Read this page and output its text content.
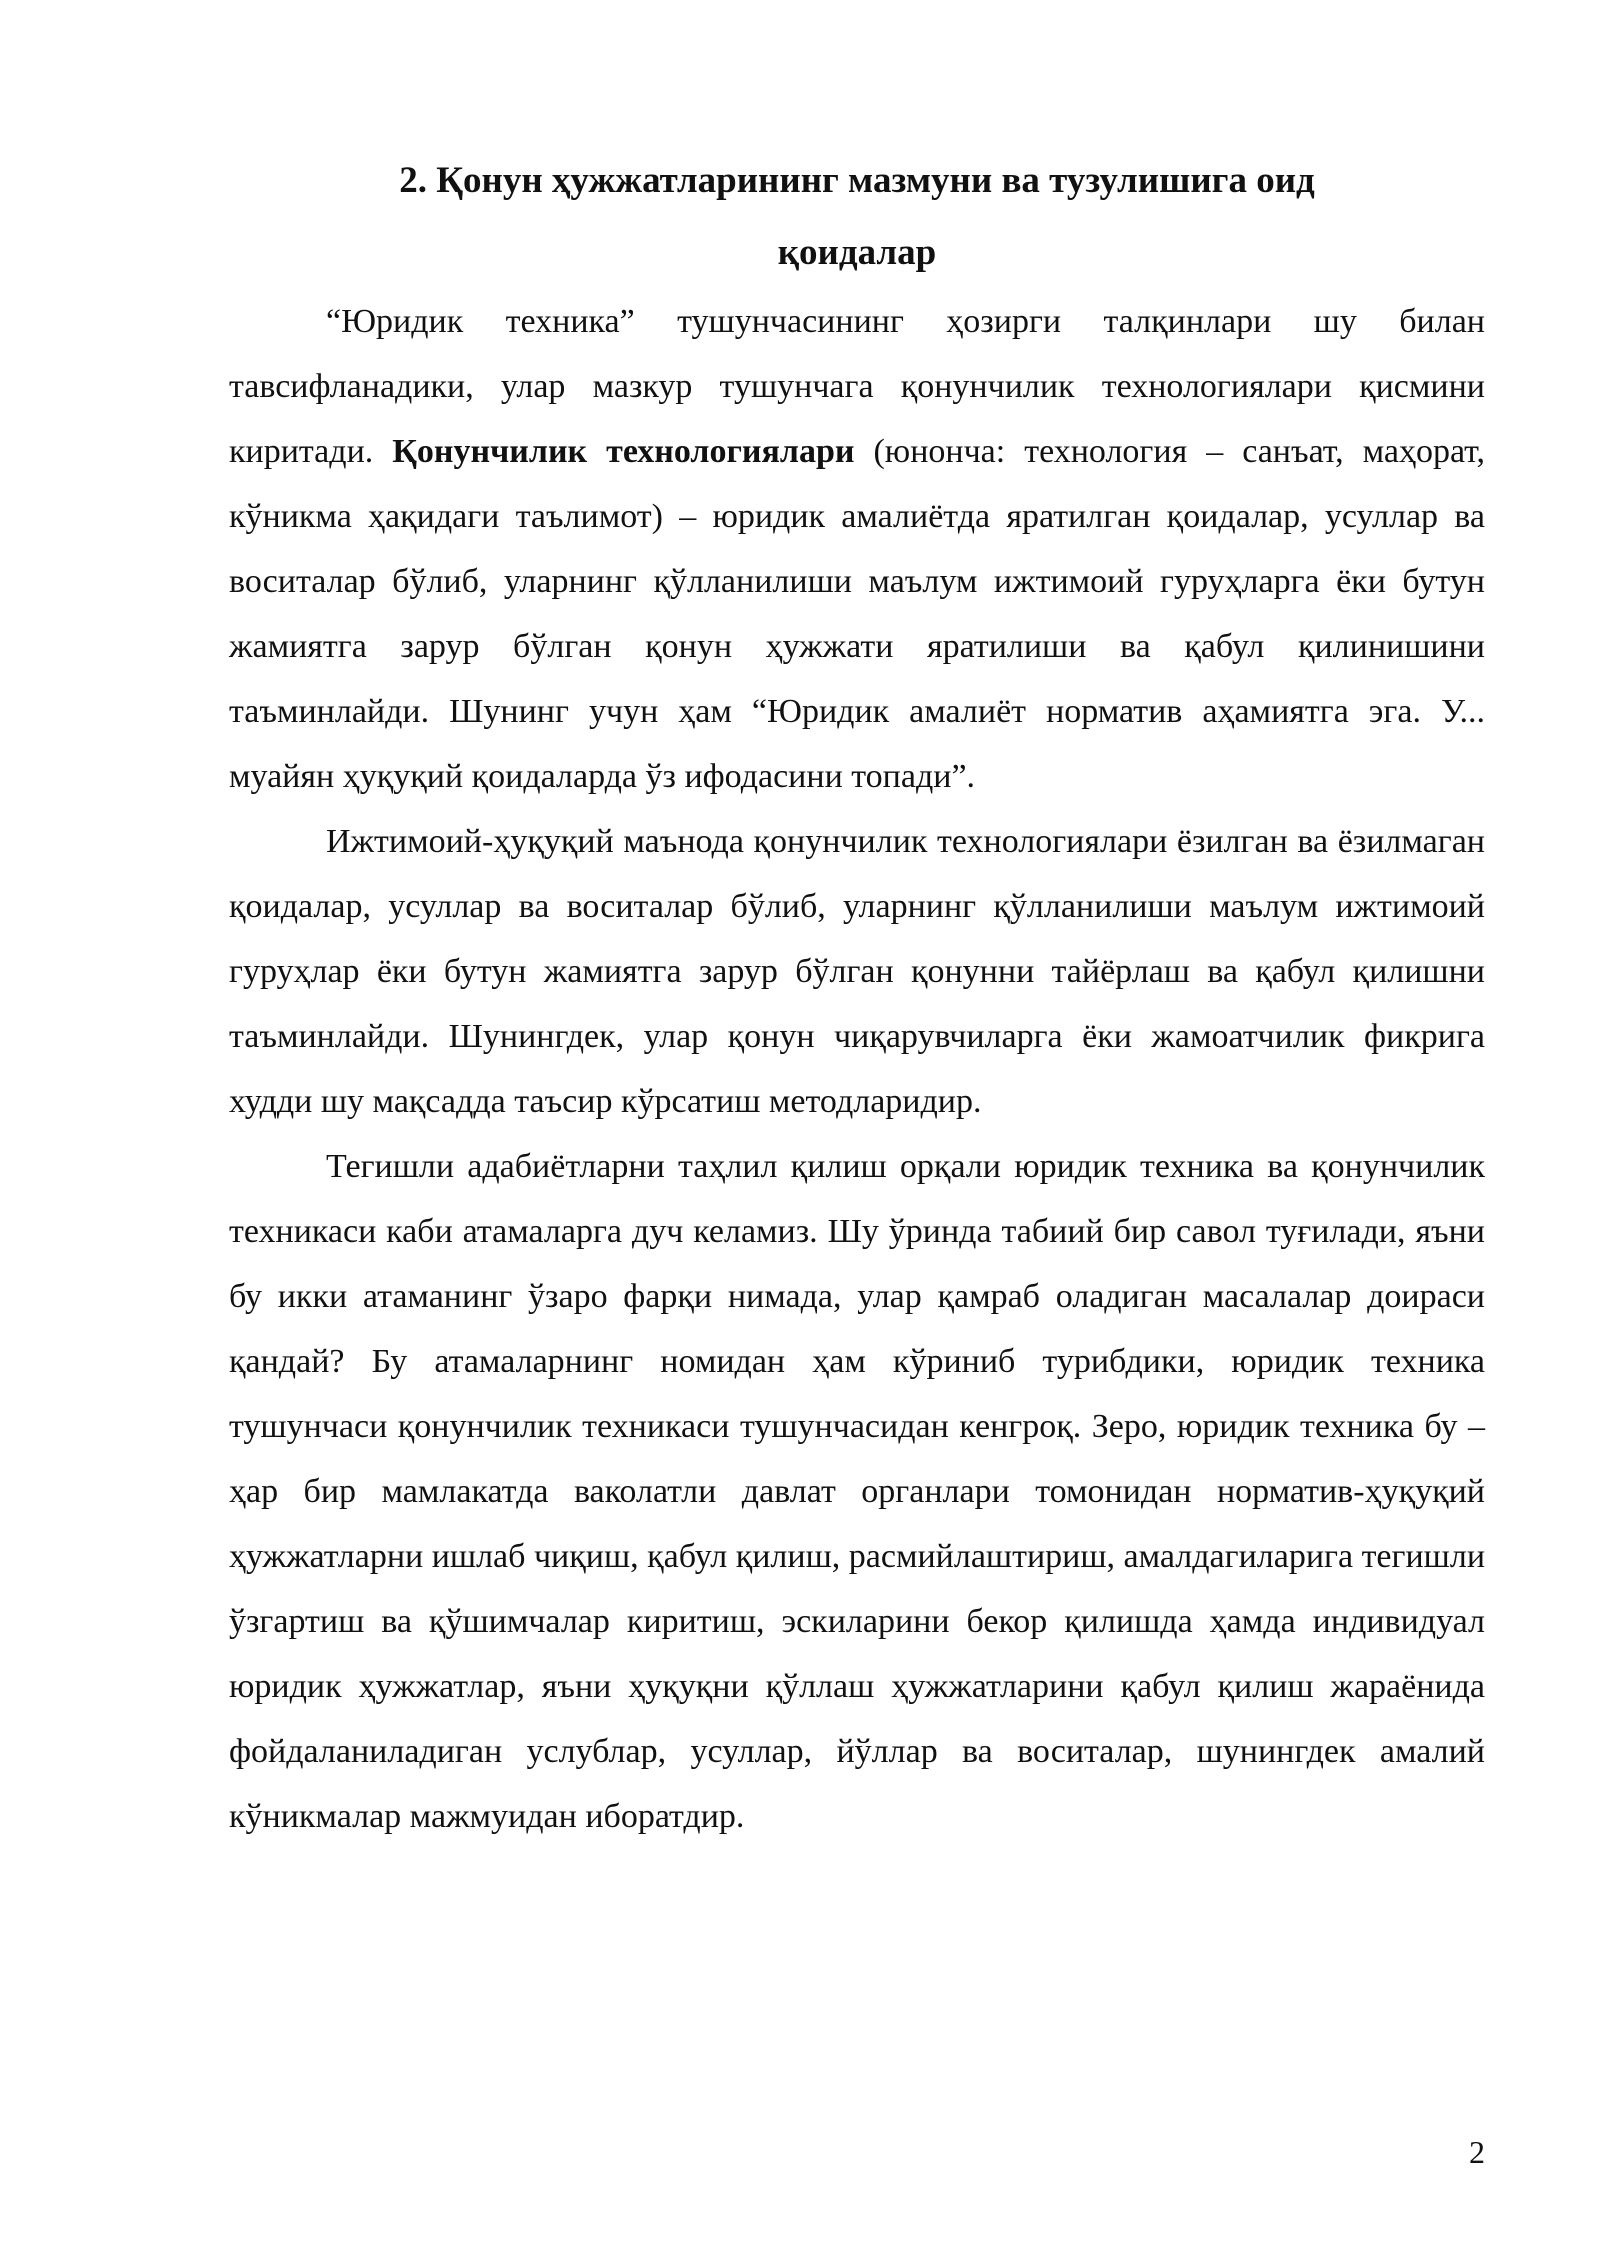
2. Қонун ҳужжатларининг мазмуни ва тузулишига оид
қоидалар

“Юридик техника” тушунчасининг ҳозирги талқинлари шу билан тавсифланадики, улар мазкур тушунчага қонунчилик технологиялари қисмини киритади. Қонунчилик технологиялари (юнонча: технология – санъат, маҳорат, кўникма ҳақидаги таълимот) – юридик амалиётда яратилган қоидалар, усуллар ва воситалар бўлиб, уларнинг қўлланилиши маълум ижтимоий гуруҳларга ёки бутун жамиятга зарур бўлган қонун ҳужжати яратилиши ва қабул қилинишини таъминлайди. Шунинг учун ҳам “Юридик амалиёт норматив аҳамиятга эга. У... муайян ҳуқуқий қоидаларда ўз ифодасини топади”.

Ижтимоий-ҳуқуқий маънода қонунчилик технологиялари ёзилган ва ёзилмаган қоидалар, усуллар ва воситалар бўлиб, уларнинг қўлланилиши маълум ижтимоий гуруҳлар ёки бутун жамиятга зарур бўлган қонунни тайёрлаш ва қабул қилишни таъминлайди. Шунингдек, улар қонун чиқарувчиларга ёки жамоатчилик фикрига худди шу мақсадда таъсир кўрсатиш методларидир.

Тегишли адабиётларни таҳлил қилиш орқали юридик техника ва қонунчилик техникаси каби атамаларга дуч келамиз. Шу ўринда табиий бир савол туғилади, яъни бу икки атаманинг ўзаро фарқи нимада, улар қамраб оладиган масалалар доираси қандай? Бу атамаларнинг номидан ҳам кўриниб турибдики, юридик техника тушунчаси қонунчилик техникаси тушунчасидан кенгроқ. Зеро, юридик техника бу – ҳар бир мамлакатда ваколатли давлат органлари томонидан норматив-ҳуқуқий ҳужжатларни ишлаб чиқиш, қабул қилиш, расмийлаштириш, амалдагиларига тегишли ўзгартиш ва қўшимчалар киритиш, эскиларини бекор қилишда ҳамда индивидуал юридик ҳужжатлар, яъни ҳуқуқни қўллаш ҳужжатларини қабул қилиш жараёнида фойдаланиладиган услублар, усуллар, йўллар ва воситалар, шунингдек амалий кўникмалар мажмуидан иборатдир.

2
